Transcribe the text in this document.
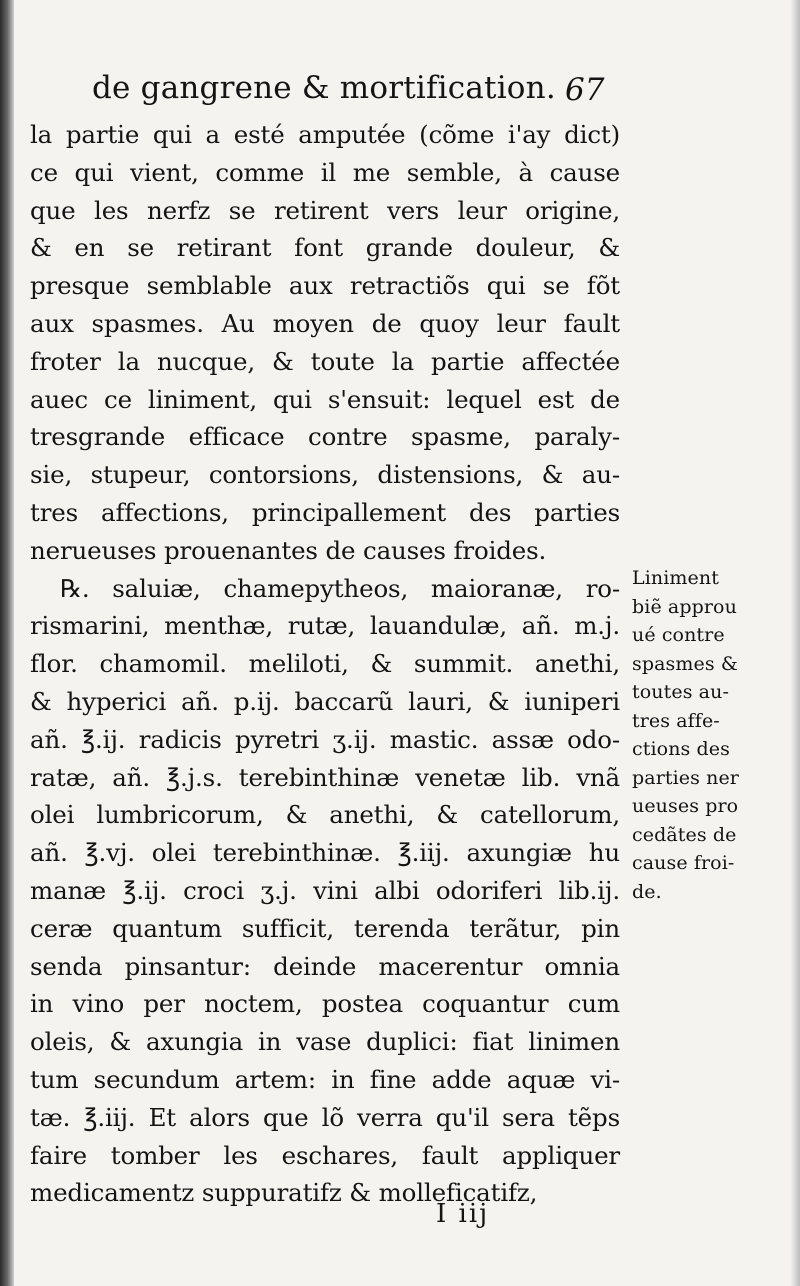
de gangrene & mortification. 67
la partie qui a esté amputée (cõme i'ay dict)
ce qui vient, comme il me semble, à cause
que les nerfz se retirent vers leur origine,
& en se retirant font grande douleur, &
presque semblable aux retractiõs qui se fõt
aux spasmes. Au moyen de quoy leur fault
froter la nucque, & toute la partie affectée
auec ce liniment, qui s'ensuit: lequel est de
tresgrande efficace contre spasme, paraly-
sie, stupeur, contorsions, distensions, & au-
tres affections, principallement des parties
nerueuses prouenantes de causes froides.
℞. saluiæ, chamepytheos, maioranæ, ro-
rismarini, menthæ, rutæ, lauandulæ, añ. m.j.
flor. chamomil. meliloti, & summit. anethi,
& hyperici añ. p.ij. baccarũ lauri, & iuniperi
añ. ℥.ij. radicis pyretri ʒ.ij. mastic. assæ odo-
ratæ, añ. ℥.j.s. terebinthinæ venetæ lib. vnã
olei lumbricorum, & anethi, & catellorum,
añ. ℥.vj. olei terebinthinæ. ℥.iij. axungiæ hu
manæ ℥.ij. croci ʒ.j. vini albi odoriferi lib.ij.
ceræ quantum sufficit, terenda terãtur, pin
senda pinsantur: deinde macerentur omnia
in vino per noctem, postea coquantur cum
oleis, & axungia in vase duplici: fiat linimen
tum secundum artem: in fine adde aquæ vi-
tæ. ℥.iij. Et alors que lõ verra qu'il sera tẽps
faire tomber les eschares, fault appliquer
medicamentz suppuratifz & molleficatifz,
Liniment
biẽ approu
ué contre
spasmes &
toutes au-
tres affe-
ctions des
parties ner
ueuses pro
cedãtes de
cause froi-
de.
I iij
